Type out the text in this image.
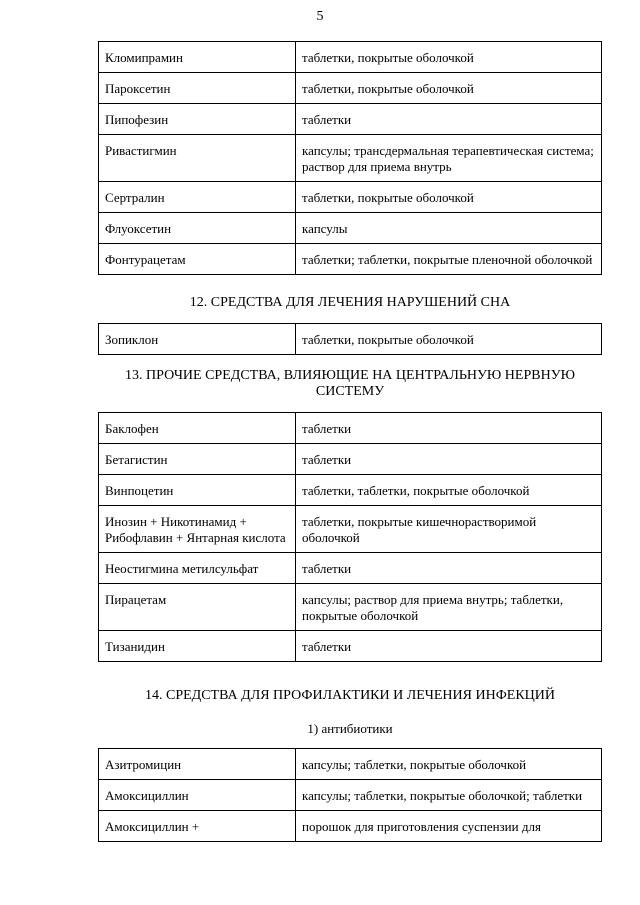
5
Кломипрамин	таблетки, покрытые оболочкой
Пароксетин	таблетки, покрытые оболочкой
Пипофезин	таблетки
Ривастигмин	капсулы; трансдермальная терапевтическая система; раствор для приема внутрь
Сертралин	таблетки, покрытые оболочкой
Флуоксетин	капсулы
Фонтурацетам	таблетки; таблетки, покрытые пленочной оболочкой
12. СРЕДСТВА ДЛЯ ЛЕЧЕНИЯ НАРУШЕНИЙ СНА
Зопиклон	таблетки, покрытые оболочкой
13. ПРОЧИЕ СРЕДСТВА, ВЛИЯЮЩИЕ НА ЦЕНТРАЛЬНУЮ НЕРВНУЮ СИСТЕМУ
Баклофен	таблетки
Бетагистин	таблетки
Винпоцетин	таблетки, таблетки, покрытые оболочкой
Инозин + Никотинамид + Рибофлавин + Янтарная кислота	таблетки, покрытые кишечнорастворимой оболочкой
Неостигмина метилсульфат	таблетки
Пирацетам	капсулы; раствор для приема внутрь; таблетки, покрытые оболочкой
Тизанидин	таблетки
14. СРЕДСТВА ДЛЯ ПРОФИЛАКТИКИ И ЛЕЧЕНИЯ ИНФЕКЦИЙ
1) антибиотики
Азитромицин	капсулы; таблетки, покрытые оболочкой
Амоксициллин	капсулы; таблетки, покрытые оболочкой; таблетки
Амоксициллин +	порошок для приготовления суспензии для
